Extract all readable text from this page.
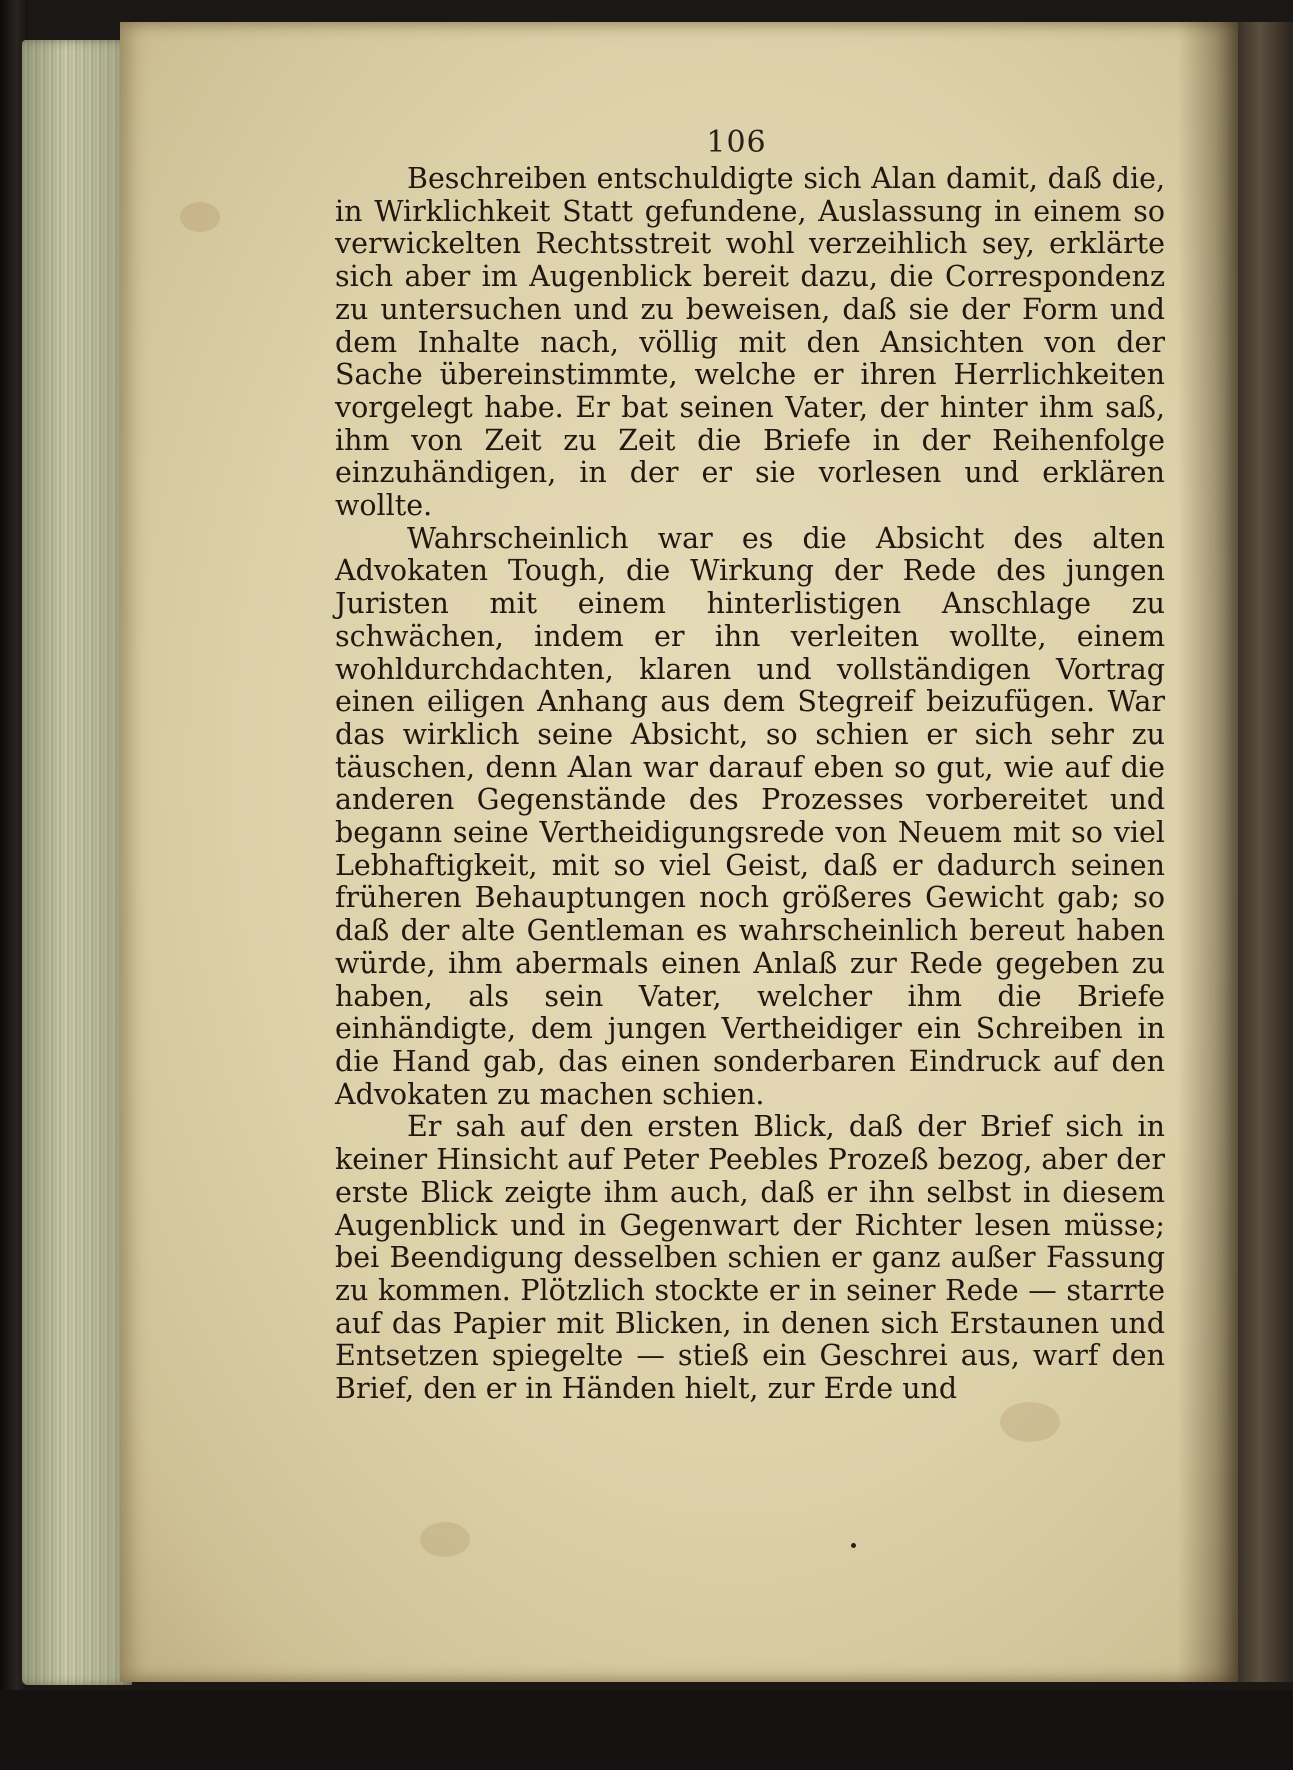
106

Beschreiben entschuldigte sich Alan damit, daß die, in Wirklichkeit Statt gefundene, Auslassung in einem so verwickelten Rechtsstreit wohl verzeihlich sey, erklärte sich aber im Augenblick bereit dazu, die Correspondenz zu untersuchen und zu beweisen, daß sie der Form und dem Inhalte nach, völlig mit den Ansichten von der Sache übereinstimmte, welche er ihren Herrlichkeiten vorgelegt habe. Er bat seinen Vater, der hinter ihm saß, ihm von Zeit zu Zeit die Briefe in der Reihenfolge einzuhändigen, in der er sie vorlesen und erklären wollte.

Wahrscheinlich war es die Absicht des alten Advokaten Tough, die Wirkung der Rede des jungen Juristen mit einem hinterlistigen Anschlage zu schwächen, indem er ihn verleiten wollte, einem wohldurchdachten, klaren und vollständigen Vortrag einen eiligen Anhang aus dem Stegreif beizufügen. War das wirklich seine Absicht, so schien er sich sehr zu täuschen, denn Alan war darauf eben so gut, wie auf die anderen Gegenstände des Prozesses vorbereitet und begann seine Vertheidigungsrede von Neuem mit so viel Lebhaftigkeit, mit so viel Geist, daß er dadurch seinen früheren Behauptungen noch größeres Gewicht gab; so daß der alte Gentleman es wahrscheinlich bereut haben würde, ihm abermals einen Anlaß zur Rede gegeben zu haben, als sein Vater, welcher ihm die Briefe einhändigte, dem jungen Vertheidiger ein Schreiben in die Hand gab, das einen sonderbaren Eindruck auf den Advokaten zu machen schien.

Er sah auf den ersten Blick, daß der Brief sich in keiner Hinsicht auf Peter Peebles Prozeß bezog, aber der erste Blick zeigte ihm auch, daß er ihn selbst in diesem Augenblick und in Gegenwart der Richter lesen müsse; bei Beendigung desselben schien er ganz außer Fassung zu kommen. Plötzlich stockte er in seiner Rede — starrte auf das Papier mit Blicken, in denen sich Erstaunen und Entsetzen spiegelte — stieß ein Geschrei aus, warf den Brief, den er in Händen hielt, zur Erde und
